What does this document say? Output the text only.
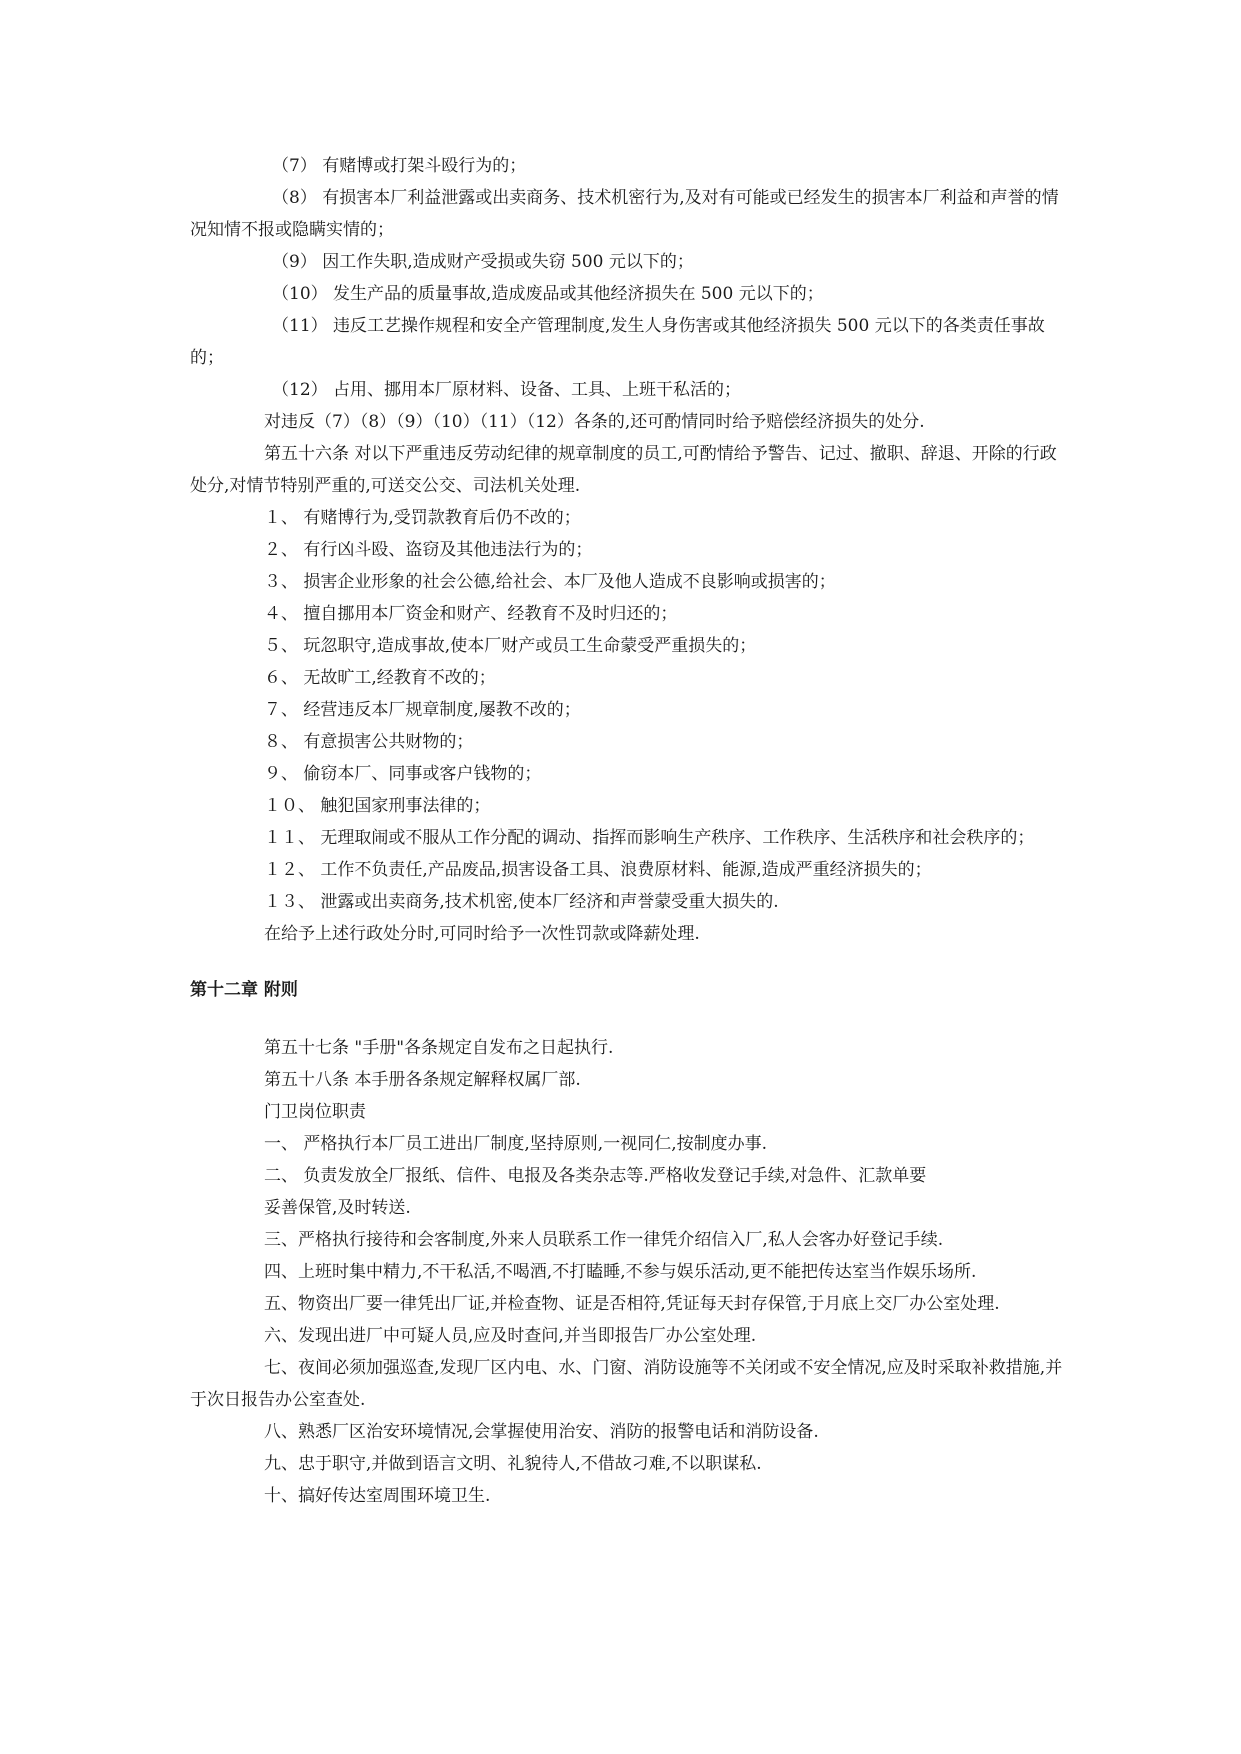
（7） 有赌博或打架斗殴行为的；

（8） 有损害本厂利益泄露或出卖商务、技术机密行为,及对有可能或已经发生的损害本厂利益和声誉的情况知情不报或隐瞒实情的；

（9） 因工作失职,造成财产受损或失窃 500 元以下的；

（10） 发生产品的质量事故,造成废品或其他经济损失在 500 元以下的；

（11） 违反工艺操作规程和安全产管理制度,发生人身伤害或其他经济损失 500 元以下的各类责任事故的；

（12） 占用、挪用本厂原材料、设备、工具、上班干私活的；

对违反（7）（8）（9）（10）（11）（12）各条的,还可酌情同时给予赔偿经济损失的处分.

第五十六条 对以下严重违反劳动纪律的规章制度的员工,可酌情给予警告、记过、撤职、辞退、开除的行政处分,对情节特别严重的,可送交公交、司法机关处理.

１、 有赌博行为,受罚款教育后仍不改的；

２、 有行凶斗殴、盗窃及其他违法行为的；

３、 损害企业形象的社会公德,给社会、本厂及他人造成不良影响或损害的；

４、 擅自挪用本厂资金和财产、经教育不及时归还的；

５、 玩忽职守,造成事故,使本厂财产或员工生命蒙受严重损失的；

６、 无故旷工,经教育不改的；

７、 经营违反本厂规章制度,屡教不改的；

８、 有意损害公共财物的；

９、 偷窃本厂、同事或客户钱物的；

１０、 触犯国家刑事法律的；

１１、 无理取闹或不服从工作分配的调动、指挥而影响生产秩序、工作秩序、生活秩序和社会秩序的；

１２、 工作不负责任,产品废品,损害设备工具、浪费原材料、能源,造成严重经济损失的；

１３、 泄露或出卖商务,技术机密,使本厂经济和声誉蒙受重大损失的.

在给予上述行政处分时,可同时给予一次性罚款或降薪处理.

第十二章 附则

第五十七条 "手册"各条规定自发布之日起执行.

第五十八条 本手册各条规定解释权属厂部.

门卫岗位职责

一、 严格执行本厂员工进出厂制度,坚持原则,一视同仁,按制度办事.

二、 负责发放全厂报纸、信件、电报及各类杂志等.严格收发登记手续,对急件、汇款单要

妥善保管,及时转送.

三、严格执行接待和会客制度,外来人员联系工作一律凭介绍信入厂,私人会客办好登记手续.

四、上班时集中精力,不干私活,不喝酒,不打瞌睡,不参与娱乐活动,更不能把传达室当作娱乐场所.

五、物资出厂要一律凭出厂证,并检查物、证是否相符,凭证每天封存保管,于月底上交厂办公室处理.

六、发现出进厂中可疑人员,应及时查问,并当即报告厂办公室处理.

七、夜间必须加强巡查,发现厂区内电、水、门窗、消防设施等不关闭或不安全情况,应及时采取补救措施,并于次日报告办公室查处.

八、熟悉厂区治安环境情况,会掌握使用治安、消防的报警电话和消防设备.

九、忠于职守,并做到语言文明、礼貌待人,不借故刁难,不以职谋私.

十、搞好传达室周围环境卫生.
